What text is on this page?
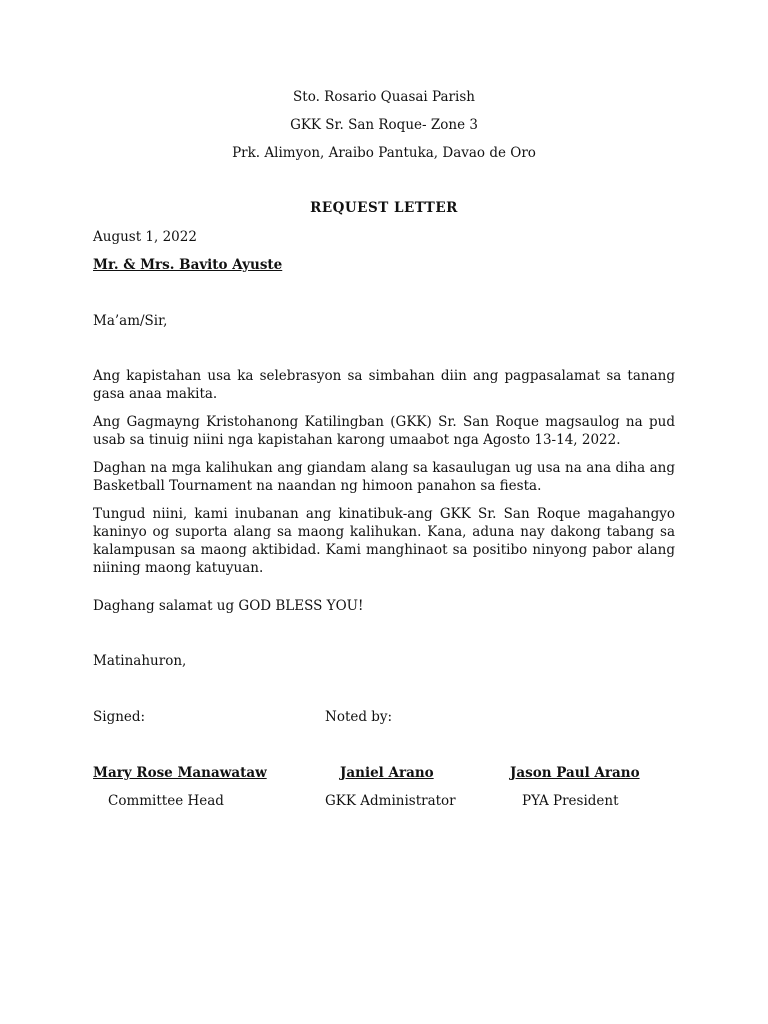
Sto. Rosario Quasai Parish
GKK Sr. San Roque- Zone 3
Prk. Alimyon, Araibo Pantuka, Davao de Oro
REQUEST LETTER
August 1, 2022
Mr. & Mrs. Bavito Ayuste
Ma’am/Sir,
Ang kapistahan usa ka selebrasyon sa simbahan diin ang pagpasalamat sa tanang gasa anaa makita.
Ang Gagmayng Kristohanong Katilingban (GKK) Sr. San Roque magsaulog na pud usab sa tinuig niini nga kapistahan karong umaabot nga Agosto 13-14, 2022.
Daghan na mga kalihukan ang giandam alang sa kasaulugan ug usa na ana diha ang Basketball Tournament na naandan ng himoon panahon sa fiesta.
Tungud niini, kami inubanan ang kinatibuk-ang GKK Sr. San Roque magahangyo kaninyo og suporta alang sa maong kalihukan. Kana, aduna nay dakong tabang sa kalampusan sa maong aktibidad. Kami manghinaot sa positibo ninyong pabor alang niining maong katuyuan.
Daghang salamat ug GOD BLESS YOU!
Matinahuron,
Signed:	Noted by:
Mary Rose Manawataw	Janiel Arano	Jason Paul Arano
Committee Head	GKK Administrator	PYA President
